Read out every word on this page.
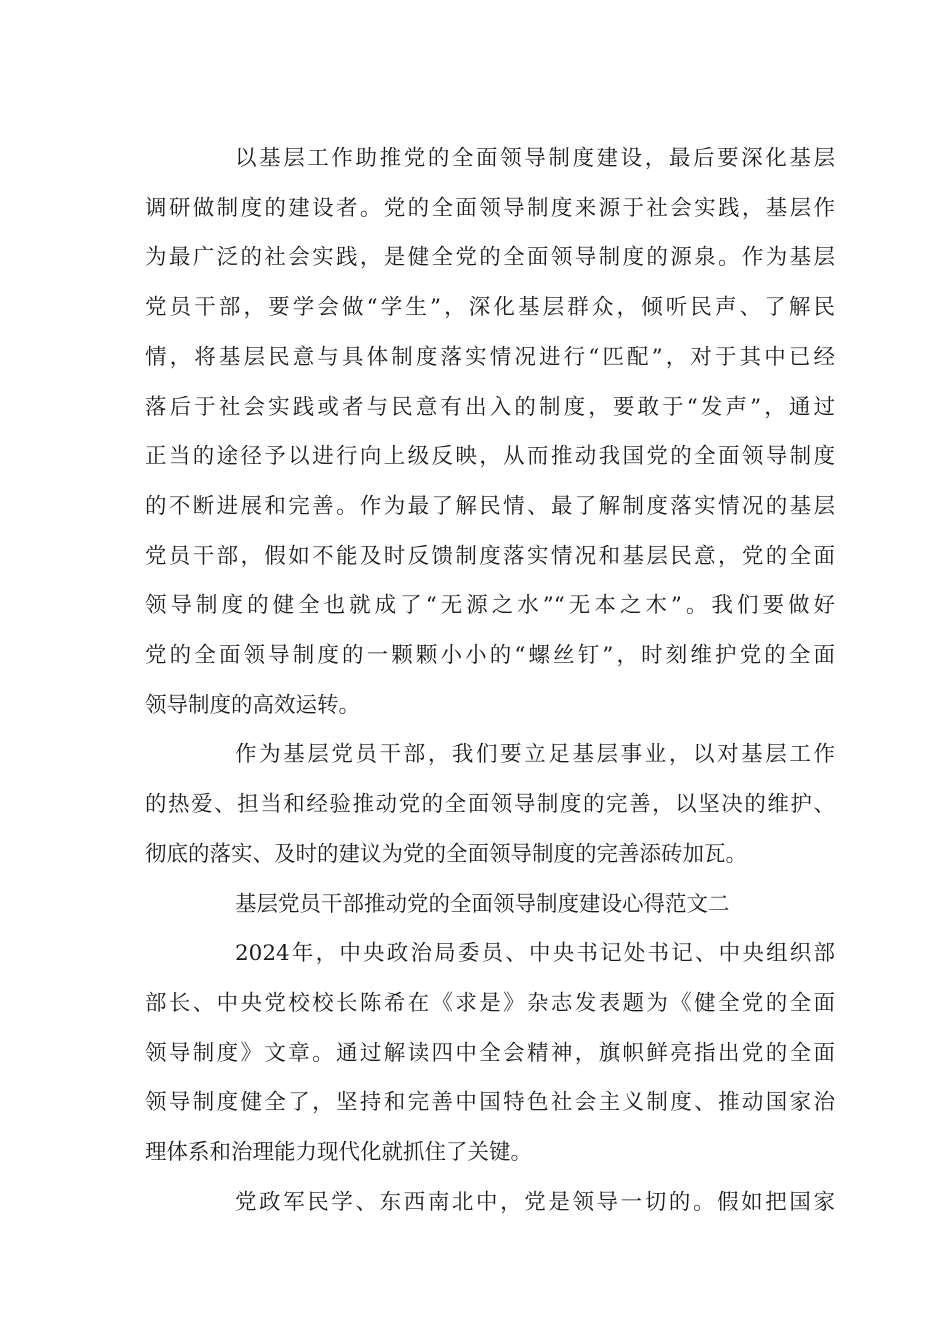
以基层工作助推党的全面领导制度建设，最后要深化基层
调研做制度的建设者。党的全面领导制度来源于社会实践，基层作
为最广泛的社会实践，是健全党的全面领导制度的源泉。作为基层
党员干部，要学会做“学生”，深化基层群众，倾听民声、了解民
情，将基层民意与具体制度落实情况进行“匹配”，对于其中已经
落后于社会实践或者与民意有出入的制度，要敢于“发声”，通过
正当的途径予以进行向上级反映，从而推动我国党的全面领导制度
的不断进展和完善。作为最了解民情、最了解制度落实情况的基层
党员干部，假如不能及时反馈制度落实情况和基层民意，党的全面
领导制度的健全也就成了“无源之水”“无本之木”。我们要做好
党的全面领导制度的一颗颗小小的“螺丝钉”，时刻维护党的全面
领导制度的高效运转。
作为基层党员干部，我们要立足基层事业，以对基层工作
的热爱、担当和经验推动党的全面领导制度的完善，以坚决的维护、
彻底的落实、及时的建议为党的全面领导制度的完善添砖加瓦。
基层党员干部推动党的全面领导制度建设心得范文二
2024年，中央政治局委员、中央书记处书记、中央组织部
部长、中央党校校长陈希在《求是》杂志发表题为《健全党的全面
领导制度》文章。通过解读四中全会精神，旗帜鲜亮指出党的全面
领导制度健全了，坚持和完善中国特色社会主义制度、推动国家治
理体系和治理能力现代化就抓住了关键。
党政军民学、东西南北中，党是领导一切的。假如把国家
